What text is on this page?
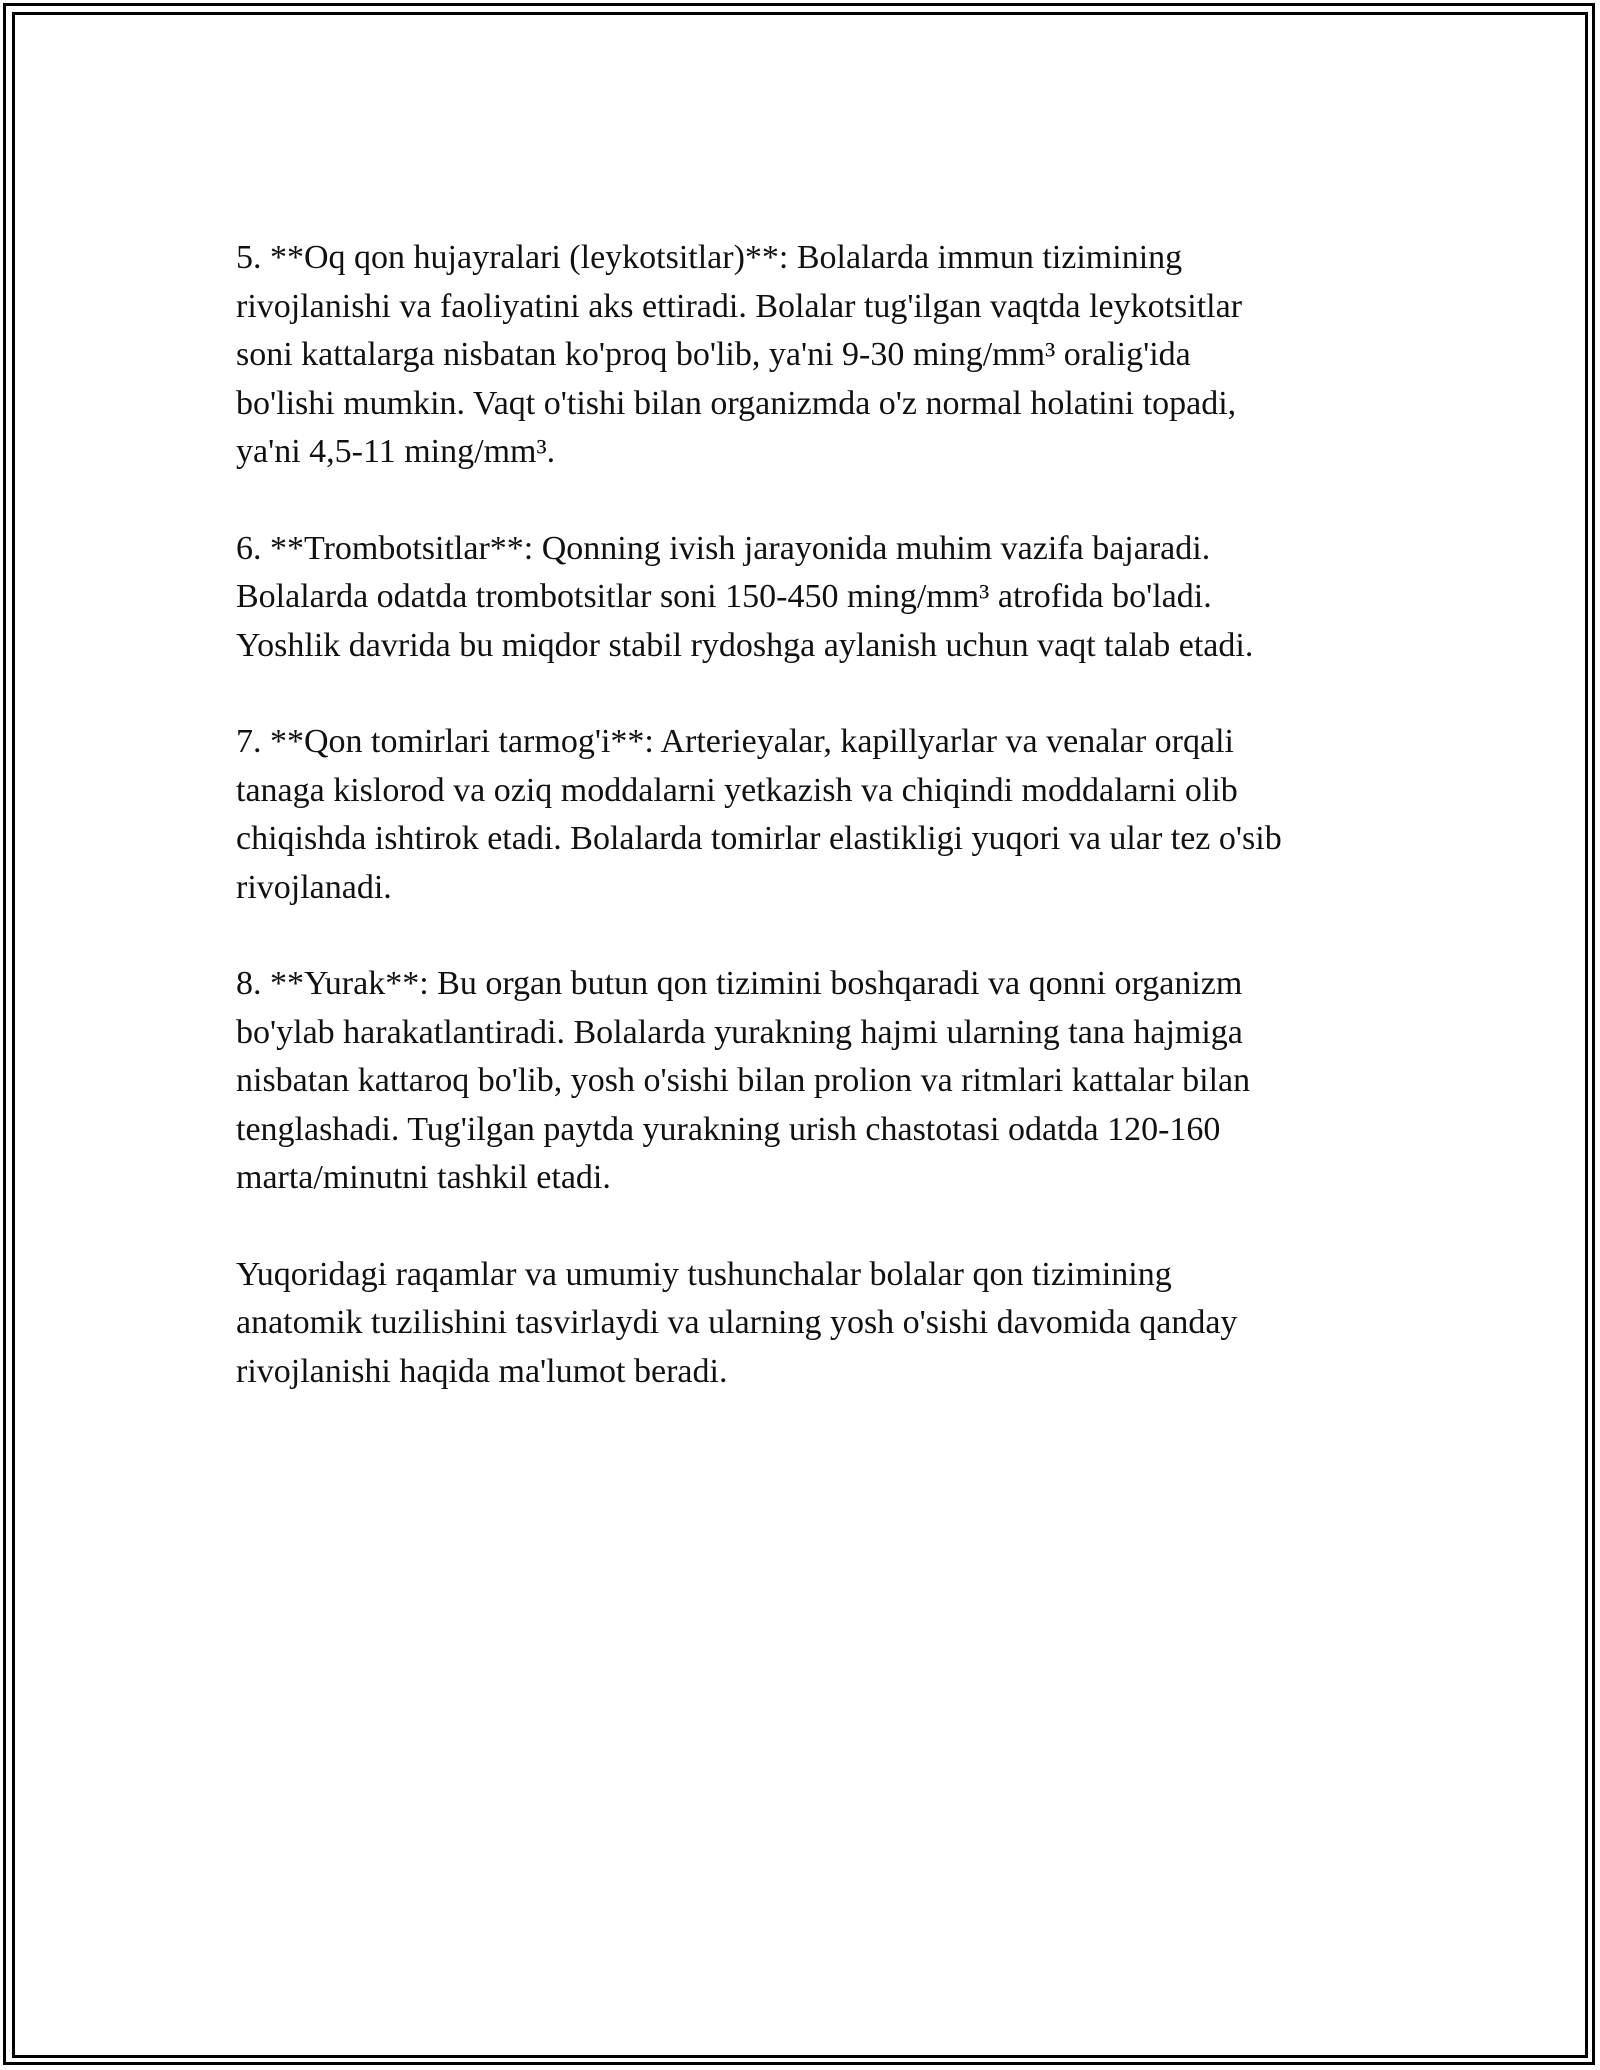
5. **Oq qon hujayralari (leykotsitlar)**: Bolalarda immun tizimining
rivojlanishi va faoliyatini aks ettiradi. Bolalar tug'ilgan vaqtda leykotsitlar
soni kattalarga nisbatan ko'proq bo'lib, ya'ni 9-30 ming/mm³ oralig'ida
bo'lishi mumkin. Vaqt o'tishi bilan organizmda o'z normal holatini topadi,
ya'ni 4,5-11 ming/mm³.

6. **Trombotsitlar**: Qonning ivish jarayonida muhim vazifa bajaradi.
Bolalarda odatda trombotsitlar soni 150-450 ming/mm³ atrofida bo'ladi.
Yoshlik davrida bu miqdor stabil rydoshga aylanish uchun vaqt talab etadi.

7. **Qon tomirlari tarmog'i**: Arterieyalar, kapillyarlar va venalar orqali
tanaga kislorod va oziq moddalarni yetkazish va chiqindi moddalarni olib
chiqishda ishtirok etadi. Bolalarda tomirlar elastikligi yuqori va ular tez o'sib
rivojlanadi.

8. **Yurak**: Bu organ butun qon tizimini boshqaradi va qonni organizm
bo'ylab harakatlantiradi. Bolalarda yurakning hajmi ularning tana hajmiga
nisbatan kattaroq bo'lib, yosh o'sishi bilan prolion va ritmlari kattalar bilan
tenglashadi. Tug'ilgan paytda yurakning urish chastotasi odatda 120-160
marta/minutni tashkil etadi.

Yuqoridagi raqamlar va umumiy tushunchalar bolalar qon tizimining
anatomik tuzilishini tasvirlaydi va ularning yosh o'sishi davomida qanday
rivojlanishi haqida ma'lumot beradi.
